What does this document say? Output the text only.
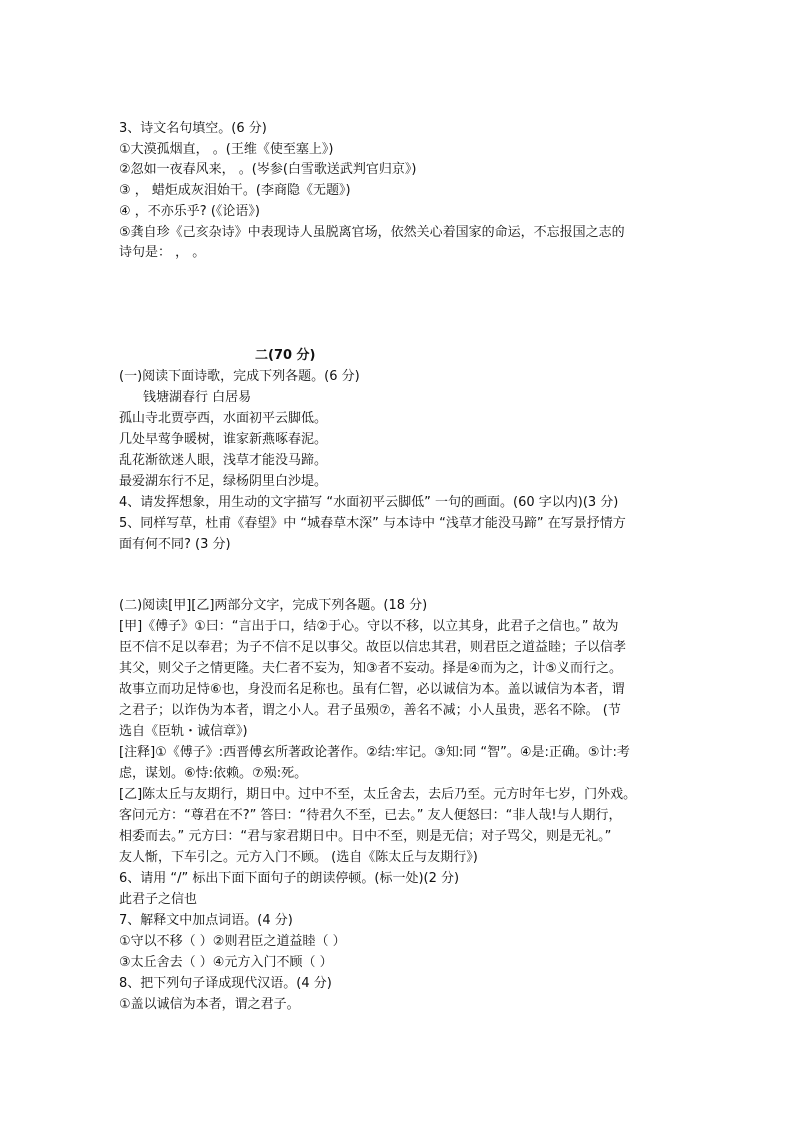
3、诗文名句填空。(6 分)
①大漠孤烟直， 。(王维《使至塞上》)
②忽如一夜春风来， 。(岑参(白雪歌送武判官归京》)
③ ， 蜡炬成灰泪始干。(李商隐《无题》)
④ ，不亦乐乎? (《论语》)
⑤龚自珍《己亥杂诗》中表现诗人虽脱离官场，依然关心着国家的命运，不忘报国之志的
诗句是： ， 。
二(70 分)
(一)阅读下面诗歌，完成下列各题。(6 分)
钱塘湖春行 白居易
孤山寺北贾亭西，水面初平云脚低。
几处早莺争暖树，谁家新燕啄春泥。
乱花渐欲迷人眼，浅草才能没马蹄。
最爱湖东行不足，绿杨阴里白沙堤。
4、请发挥想象，用生动的文字描写 “水面初平云脚低” 一句的画面。(60 字以内)(3 分)
5、同样写草，杜甫《春望》中 “城春草木深” 与本诗中 “浅草才能没马蹄” 在写景抒情方
面有何不同? (3 分)
(二)阅读[甲][乙]两部分文字，完成下列各题。(18 分)
[甲]《傅子》①曰：“言出于口，结②于心。守以不移，以立其身，此君子之信也。” 故为
臣不信不足以奉君；为子不信不足以事父。故臣以信忠其君，则君臣之道益睦；子以信孝
其父，则父子之情更隆。夫仁者不妄为，知③者不妄动。择是④而为之，计⑤义而行之。
故事立而功足恃⑥也，身没而名足称也。虽有仁智，必以诚信为本。盖以诚信为本者，谓
之君子；以诈伪为本者，谓之小人。君子虽殒⑦，善名不减；小人虽贵，恶名不除。 (节
选自《臣轨・诚信章》)
[注释]①《傅子》:西晋傅玄所著政论著作。②结:牢记。③知:同 “智”。④是:正确。⑤计:考
虑，谋划。⑥恃:依赖。⑦殒:死。
[乙]陈太丘与友期行，期日中。过中不至，太丘舍去，去后乃至。元方时年七岁，门外戏。
客问元方：“尊君在不?” 答曰：“待君久不至，已去。” 友人便怒曰：“非人哉!与人期行，
相委而去。” 元方曰：“君与家君期日中。日中不至，则是无信；对子骂父，则是无礼。”
友人惭，下车引之。元方入门不顾。 (选自《陈太丘与友期行》)
6、请用 “/” 标出下面下面句子的朗读停顿。(标一处)(2 分)
此君子之信也
7、解释文中加点词语。(4 分)
①守以不移（ ）②则君臣之道益睦（ ）
③太丘舍去（ ）④元方入门不顾（ ）
8、把下列句子译成现代汉语。(4 分)
①盖以诚信为本者，谓之君子。
